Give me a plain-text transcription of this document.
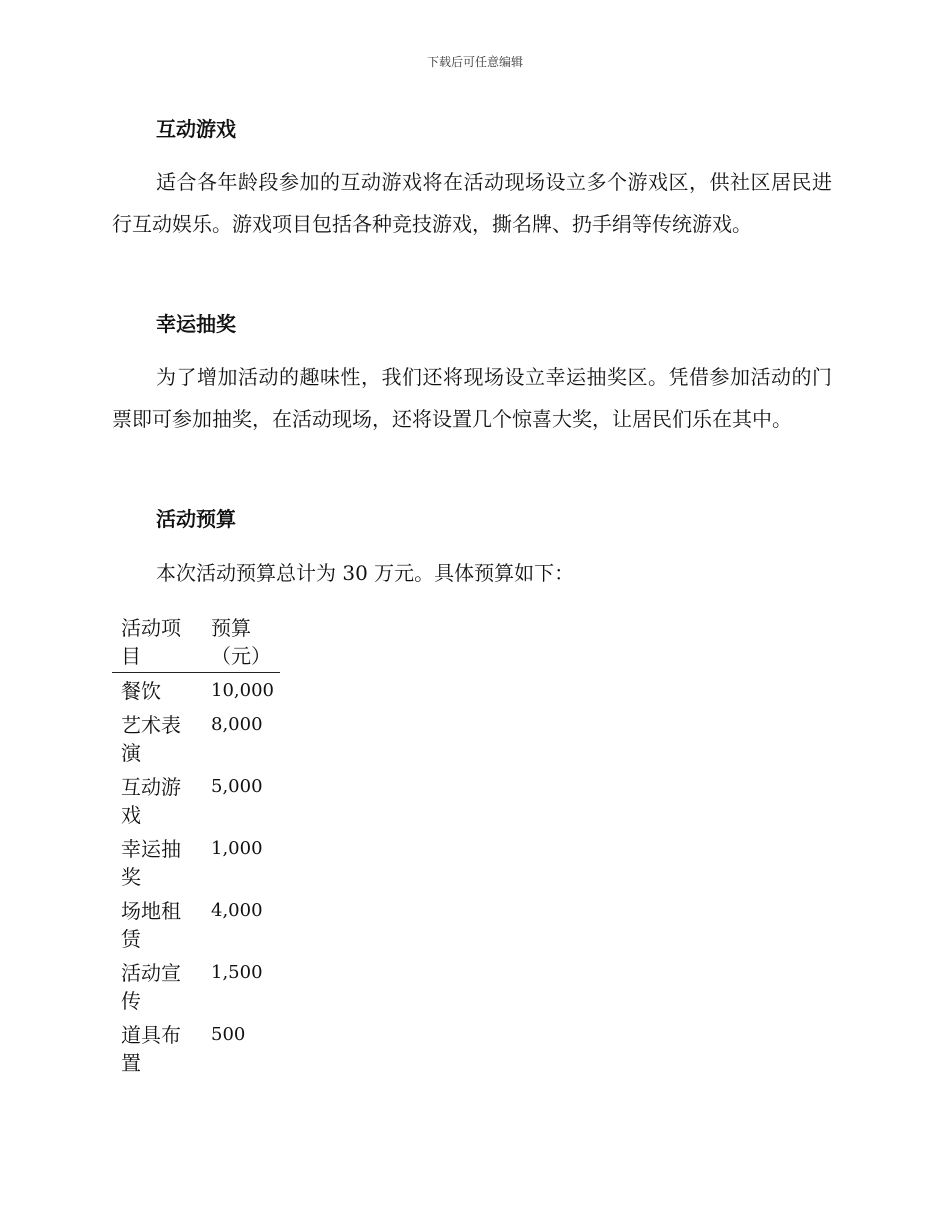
下载后可任意编辑
互动游戏
适合各年龄段参加的互动游戏将在活动现场设立多个游戏区，供社区居民进行互动娱乐。游戏项目包括各种竞技游戏，撕名牌、扔手绢等传统游戏。
幸运抽奖
为了增加活动的趣味性，我们还将现场设立幸运抽奖区。凭借参加活动的门票即可参加抽奖，在活动现场，还将设置几个惊喜大奖，让居民们乐在其中。
活动预算
本次活动预算总计为 30 万元。具体预算如下：
活动项目	预算（元）

餐饮	10,000

艺术表演	8,000

互动游戏	5,000

幸运抽奖	1,000

场地租赁	4,000

活动宣传	1,500

道具布置	500
